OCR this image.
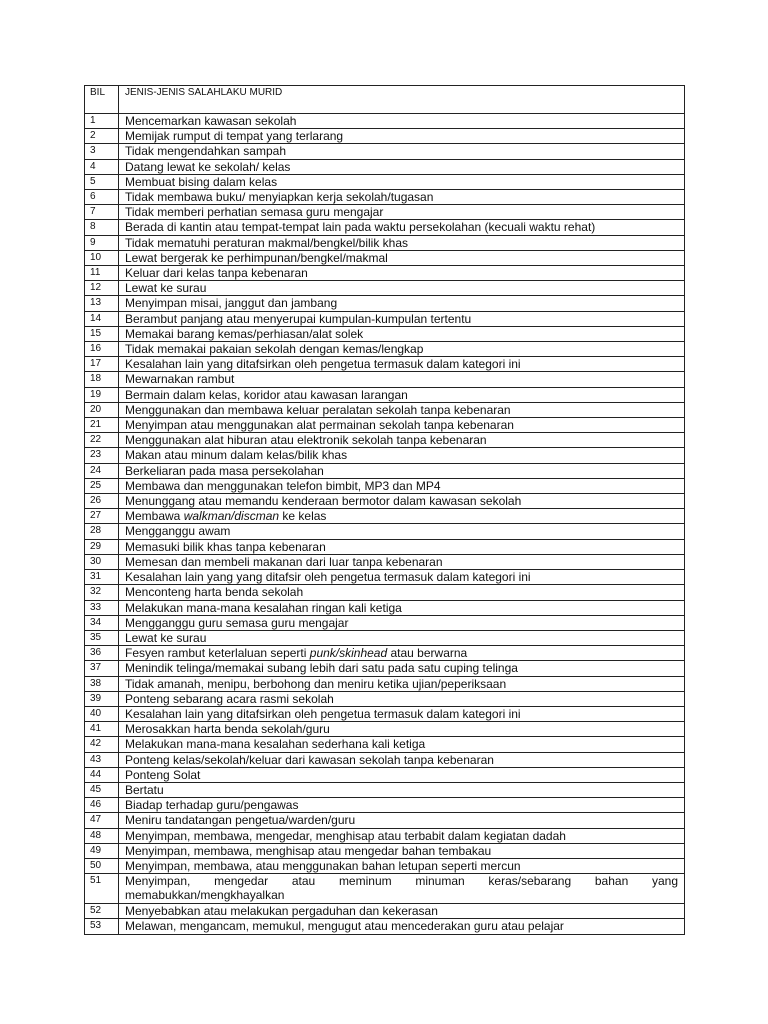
BIL	JENIS-JENIS SALAHLAKU MURID
1	Mencemarkan kawasan sekolah
2	Memijak rumput di tempat yang terlarang
3	Tidak mengendahkan sampah
4	Datang lewat ke sekolah/ kelas
5	Membuat bising dalam kelas
6	Tidak membawa buku/ menyiapkan kerja sekolah/tugasan
7	Tidak memberi perhatian semasa guru mengajar
8	Berada di kantin atau tempat-tempat lain pada waktu persekolahan (kecuali waktu rehat)
9	Tidak mematuhi peraturan makmal/bengkel/bilik khas
10	Lewat bergerak ke perhimpunan/bengkel/makmal
11	Keluar dari kelas tanpa kebenaran
12	Lewat ke surau
13	Menyimpan misai, janggut dan jambang
14	Berambut panjang atau menyerupai kumpulan-kumpulan tertentu
15	Memakai barang kemas/perhiasan/alat solek
16	Tidak memakai pakaian sekolah dengan kemas/lengkap
17	Kesalahan lain yang ditafsirkan oleh pengetua termasuk dalam kategori ini
18	Mewarnakan rambut
19	Bermain dalam kelas, koridor atau kawasan larangan
20	Menggunakan dan membawa keluar peralatan sekolah tanpa kebenaran
21	Menyimpan atau menggunakan alat permainan sekolah tanpa kebenaran
22	Menggunakan alat hiburan atau elektronik sekolah tanpa kebenaran
23	Makan atau minum dalam kelas/bilik khas
24	Berkeliaran pada masa persekolahan
25	Membawa dan menggunakan telefon bimbit, MP3 dan MP4
26	Menunggang atau memandu kenderaan bermotor dalam kawasan sekolah
27	Membawa walkman/discman ke kelas
28	Mengganggu awam
29	Memasuki bilik khas tanpa kebenaran
30	Memesan dan membeli makanan dari luar tanpa kebenaran
31	Kesalahan lain yang yang ditafsir oleh pengetua termasuk dalam kategori ini
32	Menconteng harta benda sekolah
33	Melakukan mana-mana kesalahan ringan kali ketiga
34	Mengganggu guru semasa guru mengajar
35	Lewat ke surau
36	Fesyen rambut keterlaluan seperti punk/skinhead atau berwarna
37	Menindik telinga/memakai subang lebih dari satu pada satu cuping telinga
38	Tidak amanah, menipu, berbohong dan meniru ketika ujian/peperiksaan
39	Ponteng sebarang acara rasmi sekolah
40	Kesalahan lain yang ditafsirkan oleh pengetua termasuk dalam kategori ini
41	Merosakkan harta benda sekolah/guru
42	Melakukan mana-mana kesalahan sederhana kali ketiga
43	Ponteng kelas/sekolah/keluar dari kawasan sekolah tanpa kebenaran
44	Ponteng Solat
45	Bertatu
46	Biadap terhadap guru/pengawas
47	Meniru tandatangan pengetua/warden/guru
48	Menyimpan, membawa, mengedar, menghisap atau terbabit dalam kegiatan dadah
49	Menyimpan, membawa, menghisap atau mengedar bahan tembakau
50	Menyimpan, membawa, atau menggunakan bahan letupan seperti mercun
51	Menyimpan, mengedar atau meminum minuman keras/sebarang bahan yang memabukkan/mengkhayalkan
52	Menyebabkan atau melakukan pergaduhan dan kekerasan
53	Melawan, mengancam, memukul, mengugut atau mencederakan guru atau pelajar
